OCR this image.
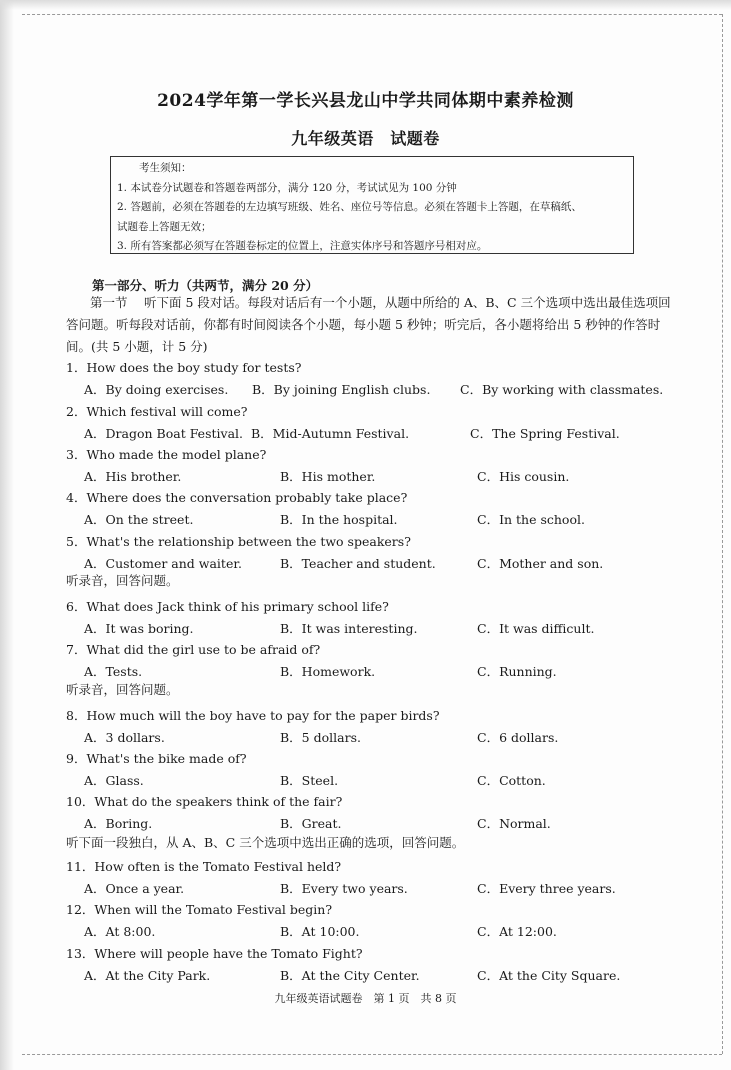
2024学年第一学长兴县龙山中学共同体期中素养检测
九年级英语　试题卷
考生须知：
1. 本试卷分试题卷和答题卷两部分，满分 120 分，考试试见为 100 分钟
2. 答题前，必须在答题卷的左边填写班级、姓名、座位号等信息。必须在答题卡上答题，在草稿纸、
试题卷上答题无效；
3. 所有答案都必须写在答题卷标定的位置上，注意实体序号和答题序号相对应。
第一部分、听力（共两节，满分 20 分）
第一节　 听下面 5 段对话。每段对话后有一个小题，从题中所给的 A、B、C 三个选项中选出最佳选项回答问题。听每段对话前，你都有时间阅读各个小题，每小题 5 秒钟；听完后，各小题将给出 5 秒钟的作答时间。(共 5 小题，计 5 分)
1．How does the boy study for tests?
A．By doing exercises. B．By joining English clubs. C．By working with classmates.
2．Which festival will come?
A．Dragon Boat Festival. B．Mid-Autumn Festival.	C．The Spring Festival.
3．Who made the model plane?
A．His brother.	B．His mother.	C．His cousin.
4．Where does the conversation probably take place?
A．On the street.	B．In the hospital.	C．In the school.
5．What's the relationship between the two speakers?
A．Customer and waiter.	B．Teacher and student.	C．Mother and son.
6．What does Jack think of his primary school life?
A．It was boring.	B．It was interesting.	C．It was difficult.
7．What did the girl use to be afraid of?
A．Tests.	B．Homework.	C．Running.
8．How much will the boy have to pay for the paper birds?
A．3 dollars.	B．5 dollars.	C．6 dollars.
9．What's the bike made of?
A．Glass.	B．Steel.	C．Cotton.
10．What do the speakers think of the fair?
A．Boring.	B．Great.	C．Normal.
11．How often is the Tomato Festival held?
A．Once a year.	B．Every two years.	C．Every three years.
12．When will the Tomato Festival begin?
A．At 8:00.	B．At 10:00.	C．At 12:00.
13．Where will people have the Tomato Fight?
A．At the City Park.	B．At the City Center.	C．At the City Square.
听录音，回答问题。
听录音，回答问题。
听下面一段独白，从 A、B、C 三个选项中选出正确的选项，回答问题。
九年级英语试题卷　第 1 页　共 8 页
